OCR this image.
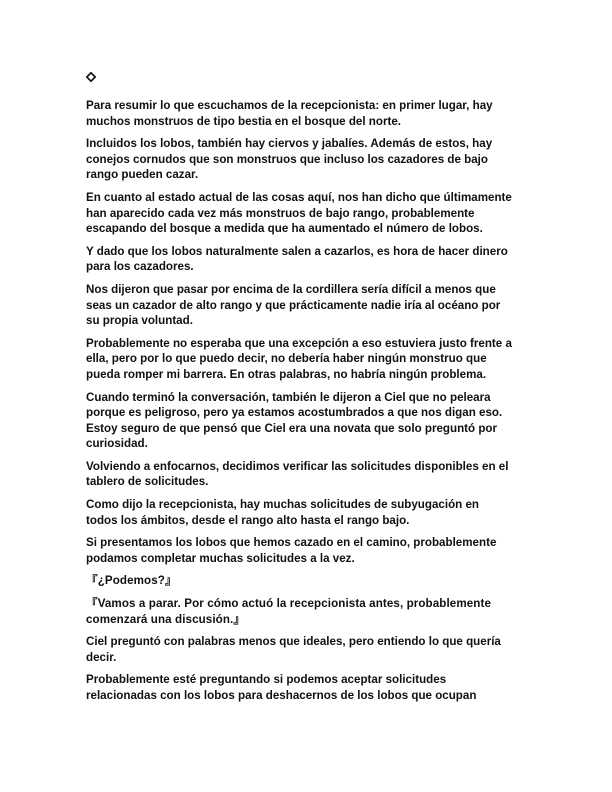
Para resumir lo que escuchamos de la recepcionista: en primer lugar, hay
muchos monstruos de tipo bestia en el bosque del norte.
Incluidos los lobos, también hay ciervos y jabalíes. Además de estos, hay
conejos cornudos que son monstruos que incluso los cazadores de bajo
rango pueden cazar.
En cuanto al estado actual de las cosas aquí, nos han dicho que últimamente
han aparecido cada vez más monstruos de bajo rango, probablemente
escapando del bosque a medida que ha aumentado el número de lobos.
Y dado que los lobos naturalmente salen a cazarlos, es hora de hacer dinero
para los cazadores.
Nos dijeron que pasar por encima de la cordillera sería difícil a menos que
seas un cazador de alto rango y que prácticamente nadie iría al océano por
su propia voluntad.
Probablemente no esperaba que una excepción a eso estuviera justo frente a
ella, pero por lo que puedo decir, no debería haber ningún monstruo que
pueda romper mi barrera. En otras palabras, no habría ningún problema.
Cuando terminó la conversación, también le dijeron a Ciel que no peleara
porque es peligroso, pero ya estamos acostumbrados a que nos digan eso.
Estoy seguro de que pensó que Ciel era una novata que solo preguntó por
curiosidad.
Volviendo a enfocarnos, decidimos verificar las solicitudes disponibles en el
tablero de solicitudes.
Como dijo la recepcionista, hay muchas solicitudes de subyugación en
todos los ámbitos, desde el rango alto hasta el rango bajo.
Si presentamos los lobos que hemos cazado en el camino, probablemente
podamos completar muchas solicitudes a la vez.
『¿Podemos?』
『Vamos a parar. Por cómo actuó la recepcionista antes, probablemente
comenzará una discusión.』
Ciel preguntó con palabras menos que ideales, pero entiendo lo que quería
decir.
Probablemente esté preguntando si podemos aceptar solicitudes
relacionadas con los lobos para deshacernos de los lobos que ocupan
